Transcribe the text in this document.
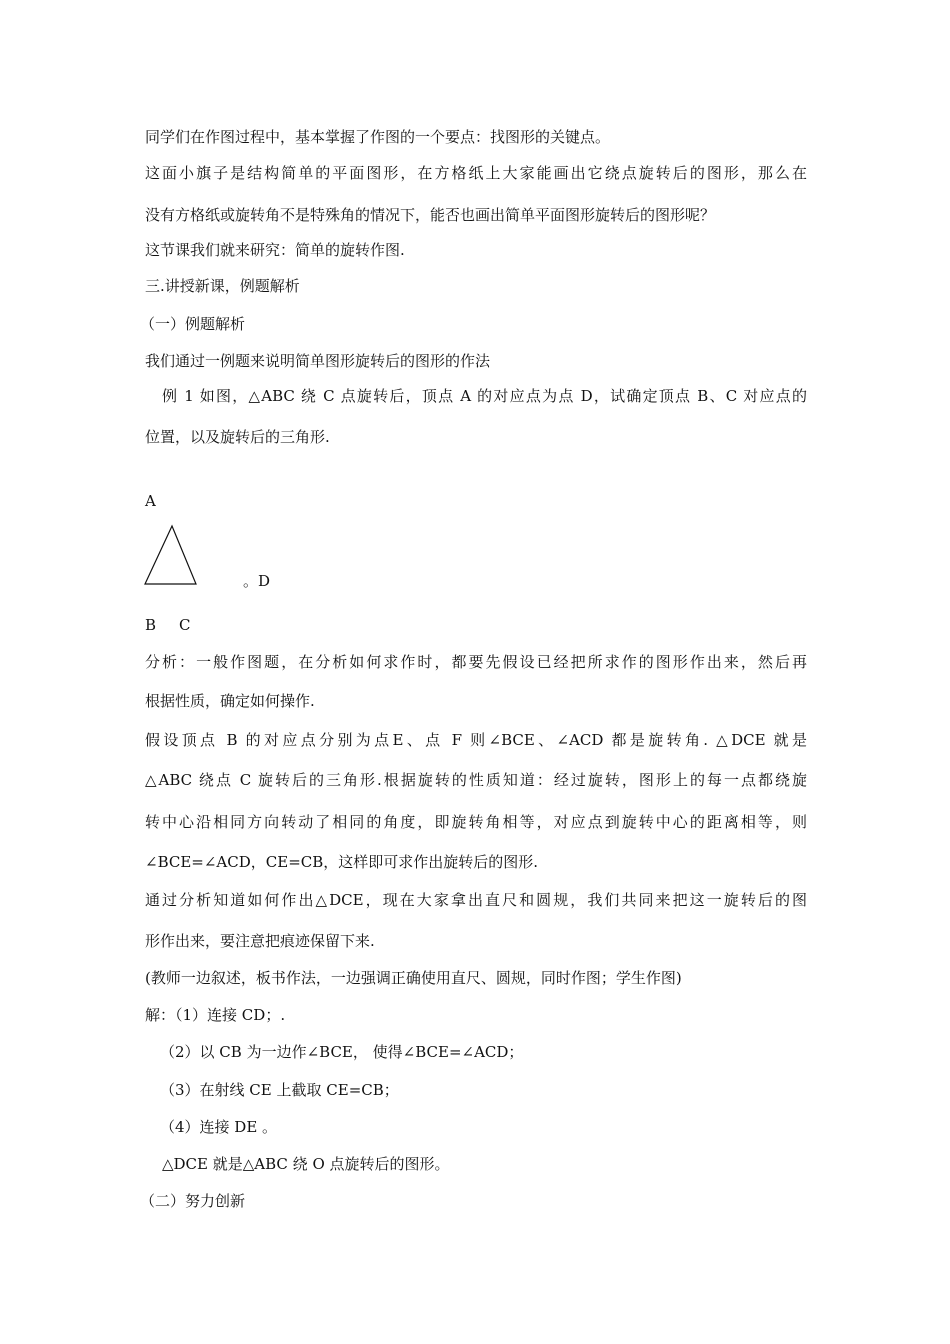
同学们在作图过程中，基本掌握了作图的一个要点：找图形的关键点。
这面小旗子是结构简单的平面图形，在方格纸上大家能画出它绕点旋转后的图形，那么在
没有方格纸或旋转角不是特殊角的情况下，能否也画出简单平面图形旋转后的图形呢？
这节课我们就来研究：简单的旋转作图.
三.讲授新课，例题解析
（一）例题解析
我们通过一例题来说明简单图形旋转后的图形的作法
例 1 如图，△ABC 绕 C 点旋转后，顶点 A 的对应点为点 D，试确定顶点 B、C 对应点的
位置，以及旋转后的三角形.
A
。D
B C
分析：一般作图题，在分析如何求作时，都要先假设已经把所求作的图形作出来，然后再
根据性质，确定如何操作.
假设顶点 B 的对应点分别为点E、点 F 则∠BCE、∠ACD 都是旋转角. △DCE 就是
△ABC 绕点 C 旋转后的三角形.根据旋转的性质知道：经过旋转，图形上的每一点都绕旋
转中心沿相同方向转动了相同的角度，即旋转角相等，对应点到旋转中心的距离相等，则
∠BCE=∠ACD，CE=CB，这样即可求作出旋转后的图形.
通过分析知道如何作出△DCE，现在大家拿出直尺和圆规，我们共同来把这一旋转后的图
形作出来，要注意把痕迹保留下来.
(教师一边叙述，板书作法，一边强调正确使用直尺、圆规，同时作图；学生作图)
解：（1）连接 CD；.
（2）以 CB 为一边作∠BCE， 使得∠BCE=∠ACD；
（3）在射线 CE 上截取 CE=CB；
（4）连接 DE 。
△DCE 就是△ABC 绕 O 点旋转后的图形。
（二）努力创新
